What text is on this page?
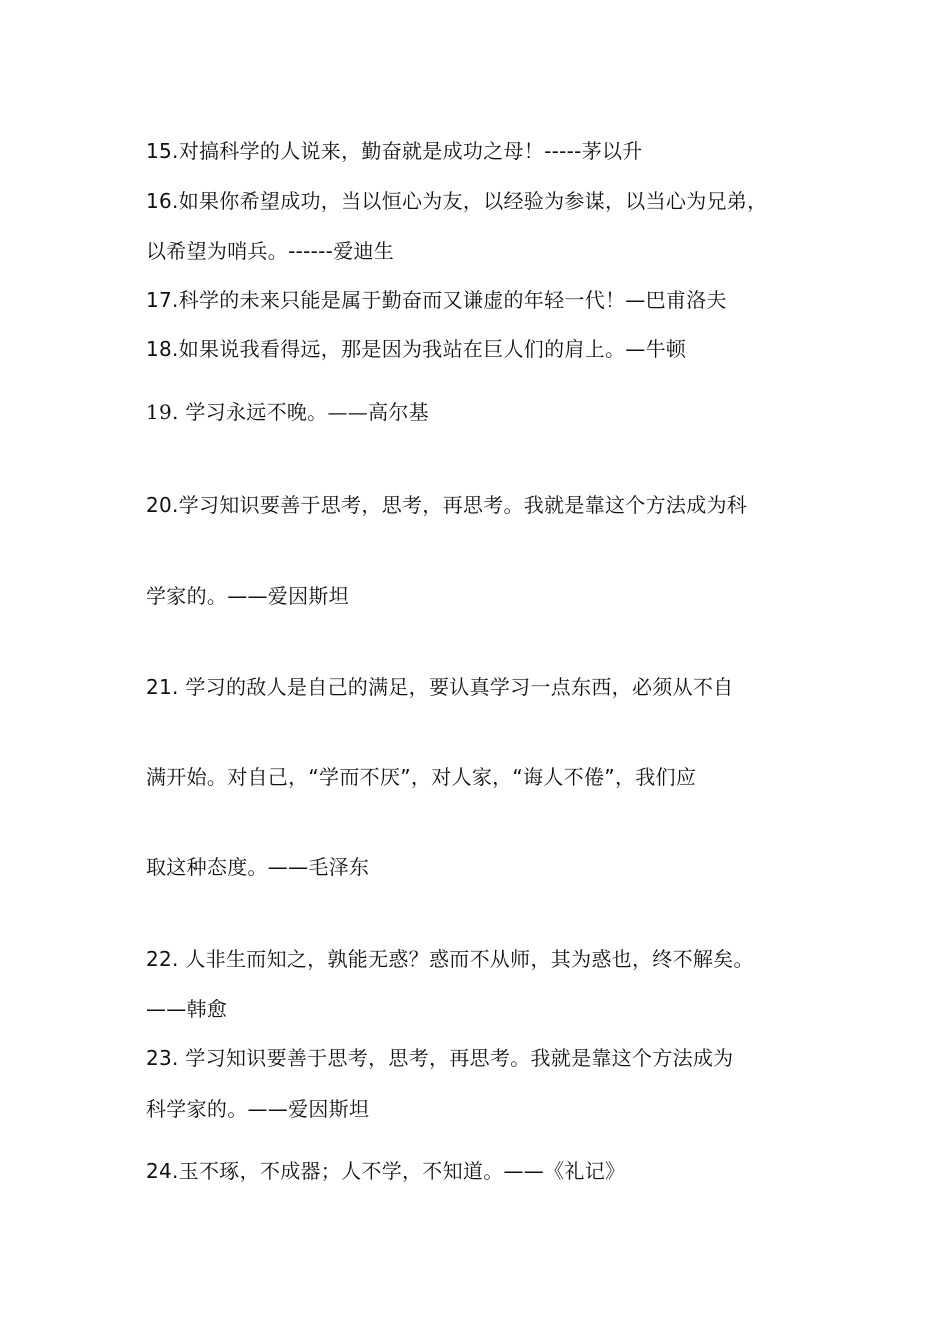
15.对搞科学的人说来，勤奋就是成功之母！-----茅以升
16.如果你希望成功，当以恒心为友，以经验为参谋，以当心为兄弟，
以希望为哨兵。------爱迪生
17.科学的未来只能是属于勤奋而又谦虚的年轻一代！—巴甫洛夫
18.如果说我看得远，那是因为我站在巨人们的肩上。—牛顿
19. 学习永远不晚。——高尔基
20.学习知识要善于思考，思考，再思考。我就是靠这个方法成为科
学家的。——爱因斯坦
21. 学习的敌人是自己的满足，要认真学习一点东西，必须从不自
满开始。对自己，“学而不厌”，对人家，“诲人不倦”，我们应
取这种态度。——毛泽东
22. 人非生而知之，孰能无惑？惑而不从师，其为惑也，终不解矣。
——韩愈
23. 学习知识要善于思考，思考，再思考。我就是靠这个方法成为
科学家的。——爱因斯坦
24.玉不琢，不成器；人不学，不知道。——《礼记》
